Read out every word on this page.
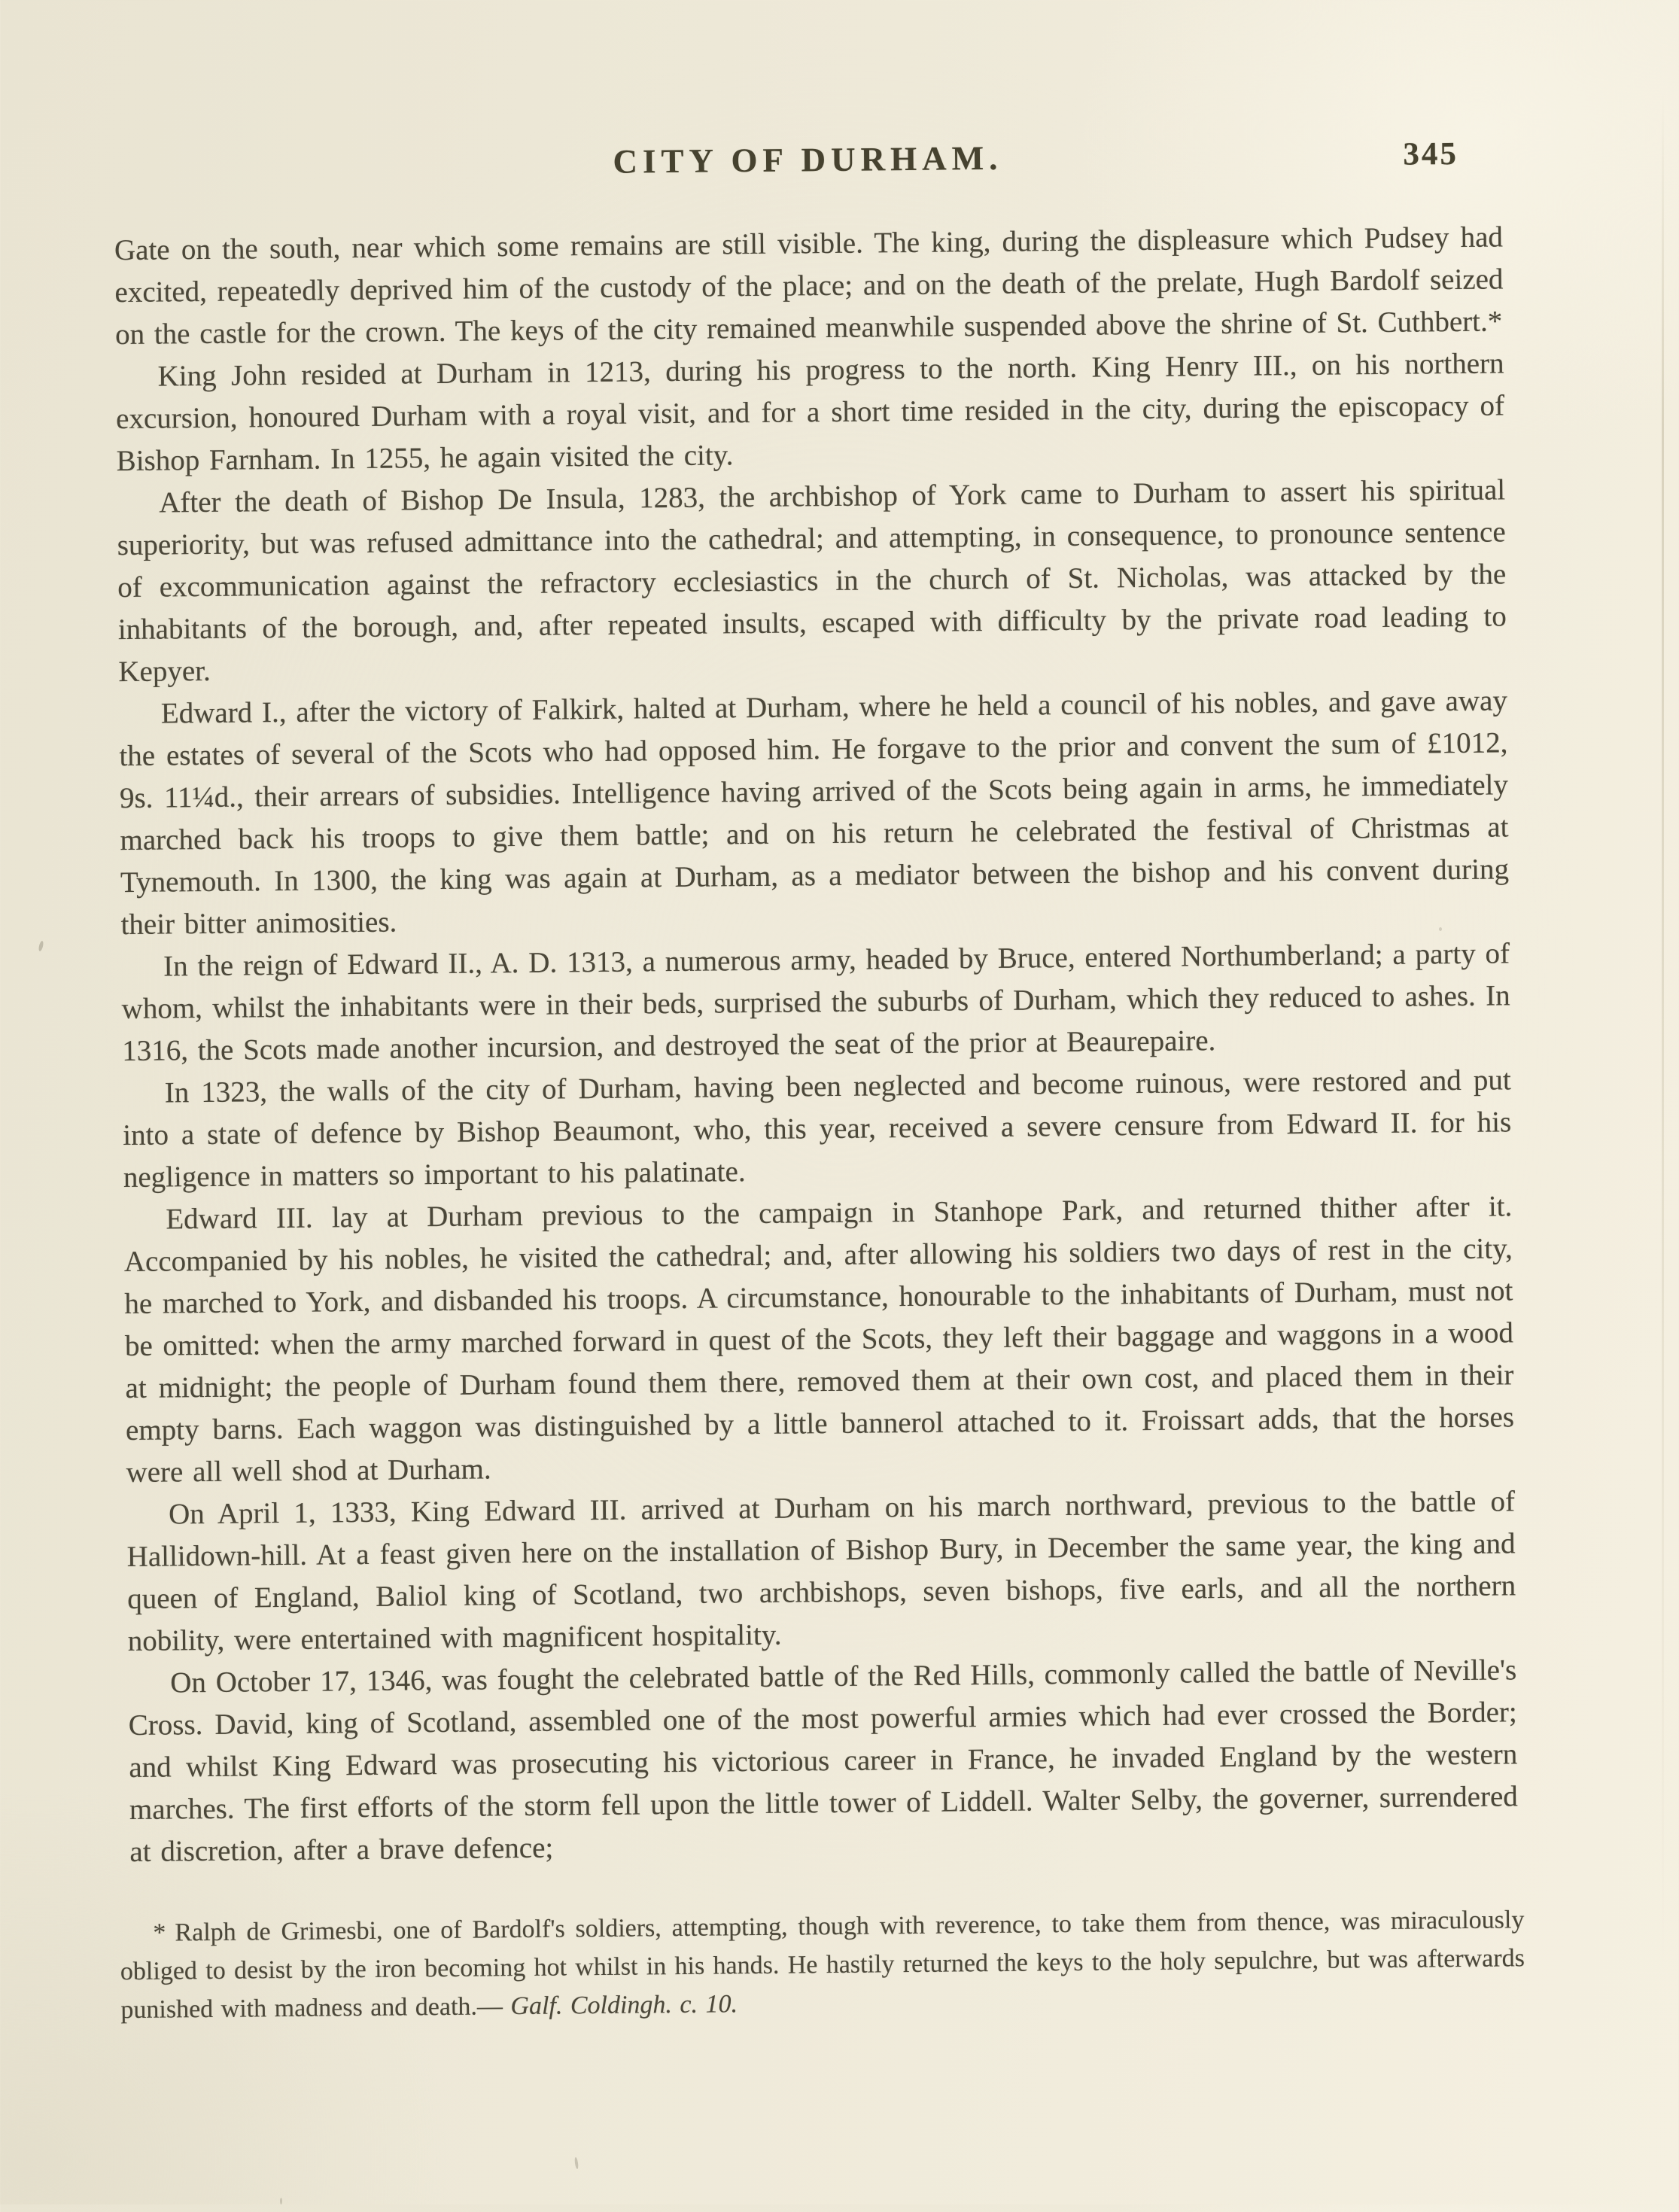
CITY OF DURHAM.	345

Gate on the south, near which some remains are still visible. The king, during the displeasure which Pudsey had excited, repeatedly deprived him of the custody of the place; and on the death of the prelate, Hugh Bardolf seized on the castle for the crown. The keys of the city remained meanwhile suspended above the shrine of St. Cuthbert.*

King John resided at Durham in 1213, during his progress to the north. King Henry III., on his northern excursion, honoured Durham with a royal visit, and for a short time resided in the city, during the episcopacy of Bishop Farnham. In 1255, he again visited the city.

After the death of Bishop De Insula, 1283, the archbishop of York came to Durham to assert his spiritual superiority, but was refused admittance into the cathedral; and attempting, in consequence, to pronounce sentence of excommunication against the refractory ecclesiastics in the church of St. Nicholas, was attacked by the inhabitants of the borough, and, after repeated insults, escaped with difficulty by the private road leading to Kepyer.

Edward I., after the victory of Falkirk, halted at Durham, where he held a council of his nobles, and gave away the estates of several of the Scots who had opposed him. He forgave to the prior and convent the sum of £1012, 9s. 11¼d., their arrears of subsidies. Intelligence having arrived of the Scots being again in arms, he immediately marched back his troops to give them battle; and on his return he celebrated the festival of Christmas at Tynemouth. In 1300, the king was again at Durham, as a mediator between the bishop and his convent during their bitter animosities.

In the reign of Edward II., A. D. 1313, a numerous army, headed by Bruce, entered Northumberland; a party of whom, whilst the inhabitants were in their beds, surprised the suburbs of Durham, which they reduced to ashes. In 1316, the Scots made another incursion, and destroyed the seat of the prior at Beaurepaire.

In 1323, the walls of the city of Durham, having been neglected and become ruinous, were restored and put into a state of defence by Bishop Beaumont, who, this year, received a severe censure from Edward II. for his negligence in matters so important to his palatinate.

Edward III. lay at Durham previous to the campaign in Stanhope Park, and returned thither after it. Accompanied by his nobles, he visited the cathedral; and, after allowing his soldiers two days of rest in the city, he marched to York, and disbanded his troops. A circumstance, honourable to the inhabitants of Durham, must not be omitted: when the army marched forward in quest of the Scots, they left their baggage and waggons in a wood at midnight; the people of Durham found them there, removed them at their own cost, and placed them in their empty barns. Each waggon was distinguished by a little bannerol attached to it. Froissart adds, that the horses were all well shod at Durham.

On April 1, 1333, King Edward III. arrived at Durham on his march northward, previous to the battle of Hallidown-hill. At a feast given here on the installation of Bishop Bury, in December the same year, the king and queen of England, Baliol king of Scotland, two archbishops, seven bishops, five earls, and all the northern nobility, were entertained with magnificent hospitality.

On October 17, 1346, was fought the celebrated battle of the Red Hills, commonly called the battle of Neville's Cross. David, king of Scotland, assembled one of the most powerful armies which had ever crossed the Border; and whilst King Edward was prosecuting his victorious career in France, he invaded England by the western marches. The first efforts of the storm fell upon the little tower of Liddell. Walter Selby, the governer, surrendered at discretion, after a brave defence;

* Ralph de Grimesbi, one of Bardolf's soldiers, attempting, though with reverence, to take them from thence, was miraculously obliged to desist by the iron becoming hot whilst in his hands. He hastily returned the keys to the holy sepulchre, but was afterwards punished with madness and death.— Galf. Coldingh. c. 10.
